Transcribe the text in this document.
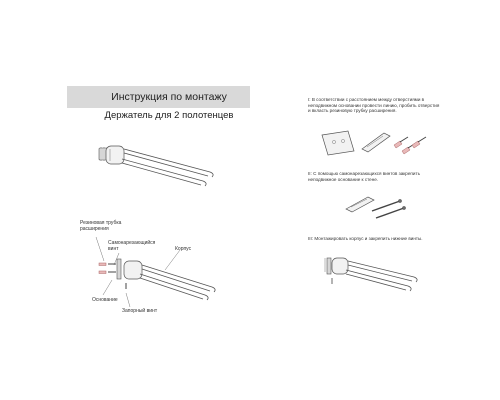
Инструкция по монтажу
Держатель для 2 полотенцев
Резиновая трубка расширения
Самонарезающийся винт	Корпус
Основание
Запорный винт
I: В соответствии с расстоянием между отверстиями в неподвижном основании провести линию, пробить отверстия и вкласть резиновую трубку расширения.
II: С помощью самонарезающихся винтов закрепить неподвижное основание к стене.
III: Монтажировать корпус и закрепить нижние винты.
